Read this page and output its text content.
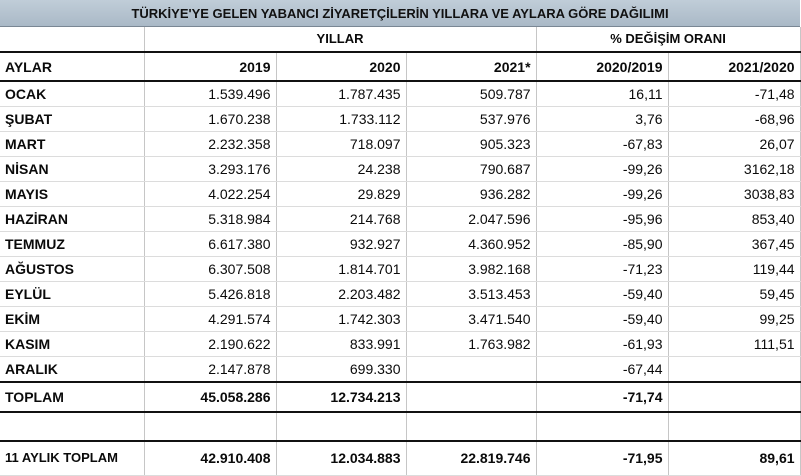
TÜRKİYE'YE GELEN YABANCI ZİYARETÇİLERİN YILLARA VE AYLARA GÖRE DAĞILIMI
	YILLAR			% DEĞİŞİM ORANI	
AYLAR	2019	2020	2021*	2020/2019	2021/2020
OCAK	1.539.496	1.787.435	509.787	16,11	-71,48
ŞUBAT	1.670.238	1.733.112	537.976	3,76	-68,96
MART	2.232.358	718.097	905.323	-67,83	26,07
NİSAN	3.293.176	24.238	790.687	-99,26	3162,18
MAYIS	4.022.254	29.829	936.282	-99,26	3038,83
HAZİRAN	5.318.984	214.768	2.047.596	-95,96	853,40
TEMMUZ	6.617.380	932.927	4.360.952	-85,90	367,45
AĞUSTOS	6.307.508	1.814.701	3.982.168	-71,23	119,44
EYLÜL	5.426.818	2.203.482	3.513.453	-59,40	59,45
EKİM	4.291.574	1.742.303	3.471.540	-59,40	99,25
KASIM	2.190.622	833.991	1.763.982	-61,93	111,51
ARALIK	2.147.878	699.330		-67,44	
TOPLAM	45.058.286	12.734.213		-71,74	

11 AYLIK TOPLAM	42.910.408	12.034.883	22.819.746	-71,95	89,61
